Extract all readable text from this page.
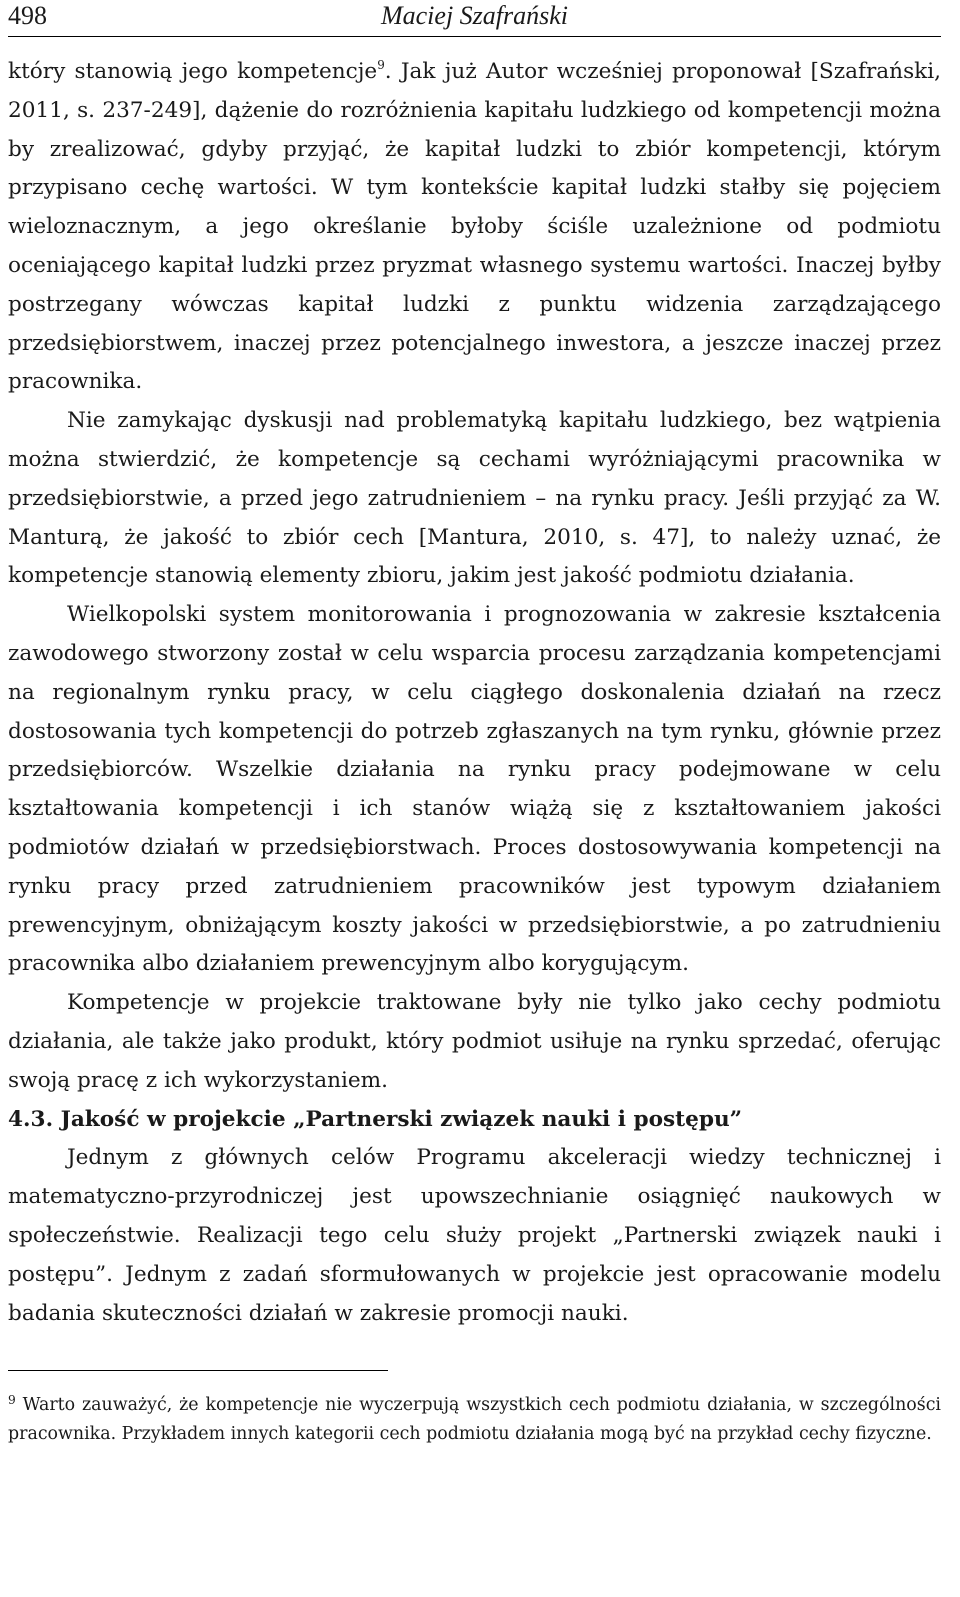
498	Maciej Szafrański

który stanowią jego kompetencje$^9$. Jak już Autor wcześniej proponował [Szafrański, 2011, s. 237-249], dążenie do rozróżnienia kapitału ludzkiego od kompetencji można by zrealizować, gdyby przyjąć, że kapitał ludzki to zbiór kompetencji, którym przypisano cechę wartości. W tym kontekście kapitał ludzki stałby się pojęciem wieloznacznym, a jego określanie byłoby ściśle uzależnione od podmiotu oceniającego kapitał ludzki przez pryzmat własnego systemu wartości. Inaczej byłby postrzegany wówczas kapitał ludzki z punktu widzenia zarządzającego przedsiębiorstwem, inaczej przez potencjalnego inwestora, a jeszcze inaczej przez pracownika.

Nie zamykając dyskusji nad problematyką kapitału ludzkiego, bez wątpienia można stwierdzić, że kompetencje są cechami wyróżniającymi pracownika w przedsiębiorstwie, a przed jego zatrudnieniem – na rynku pracy. Jeśli przyjąć za W. Manturą, że jakość to zbiór cech [Mantura, 2010, s. 47], to należy uznać, że kompetencje stanowią elementy zbioru, jakim jest jakość podmiotu działania.

Wielkopolski system monitorowania i prognozowania w zakresie kształcenia zawodowego stworzony został w celu wsparcia procesu zarządzania kompetencjami na regionalnym rynku pracy, w celu ciągłego doskonalenia działań na rzecz dostosowania tych kompetencji do potrzeb zgłaszanych na tym rynku, głównie przez przedsiębiorców. Wszelkie działania na rynku pracy podejmowane w celu kształtowania kompetencji i ich stanów wiążą się z kształtowaniem jakości podmiotów działań w przedsiębiorstwach. Proces dostosowywania kompetencji na rynku pracy przed zatrudnieniem pracowników jest typowym działaniem prewencyjnym, obniżającym koszty jakości w przedsiębiorstwie, a po zatrudnieniu pracownika albo działaniem prewencyjnym albo korygującym.

Kompetencje w projekcie traktowane były nie tylko jako cechy podmiotu działania, ale także jako produkt, który podmiot usiłuje na rynku sprzedać, oferując swoją pracę z ich wykorzystaniem.

4.3. Jakość w projekcie „Partnerski związek nauki i postępu”

Jednym z głównych celów Programu akceleracji wiedzy technicznej i matematyczno-przyrodniczej jest upowszechnianie osiągnięć naukowych w społeczeństwie. Realizacji tego celu służy projekt „Partnerski związek nauki i postępu”. Jednym z zadań sformułowanych w projekcie jest opracowanie modelu badania skuteczności działań w zakresie promocji nauki.

$^9$ Warto zauważyć, że kompetencje nie wyczerpują wszystkich cech podmiotu działania, w szczególności pracownika. Przykładem innych kategorii cech podmiotu działania mogą być na przykład cechy fizyczne.
